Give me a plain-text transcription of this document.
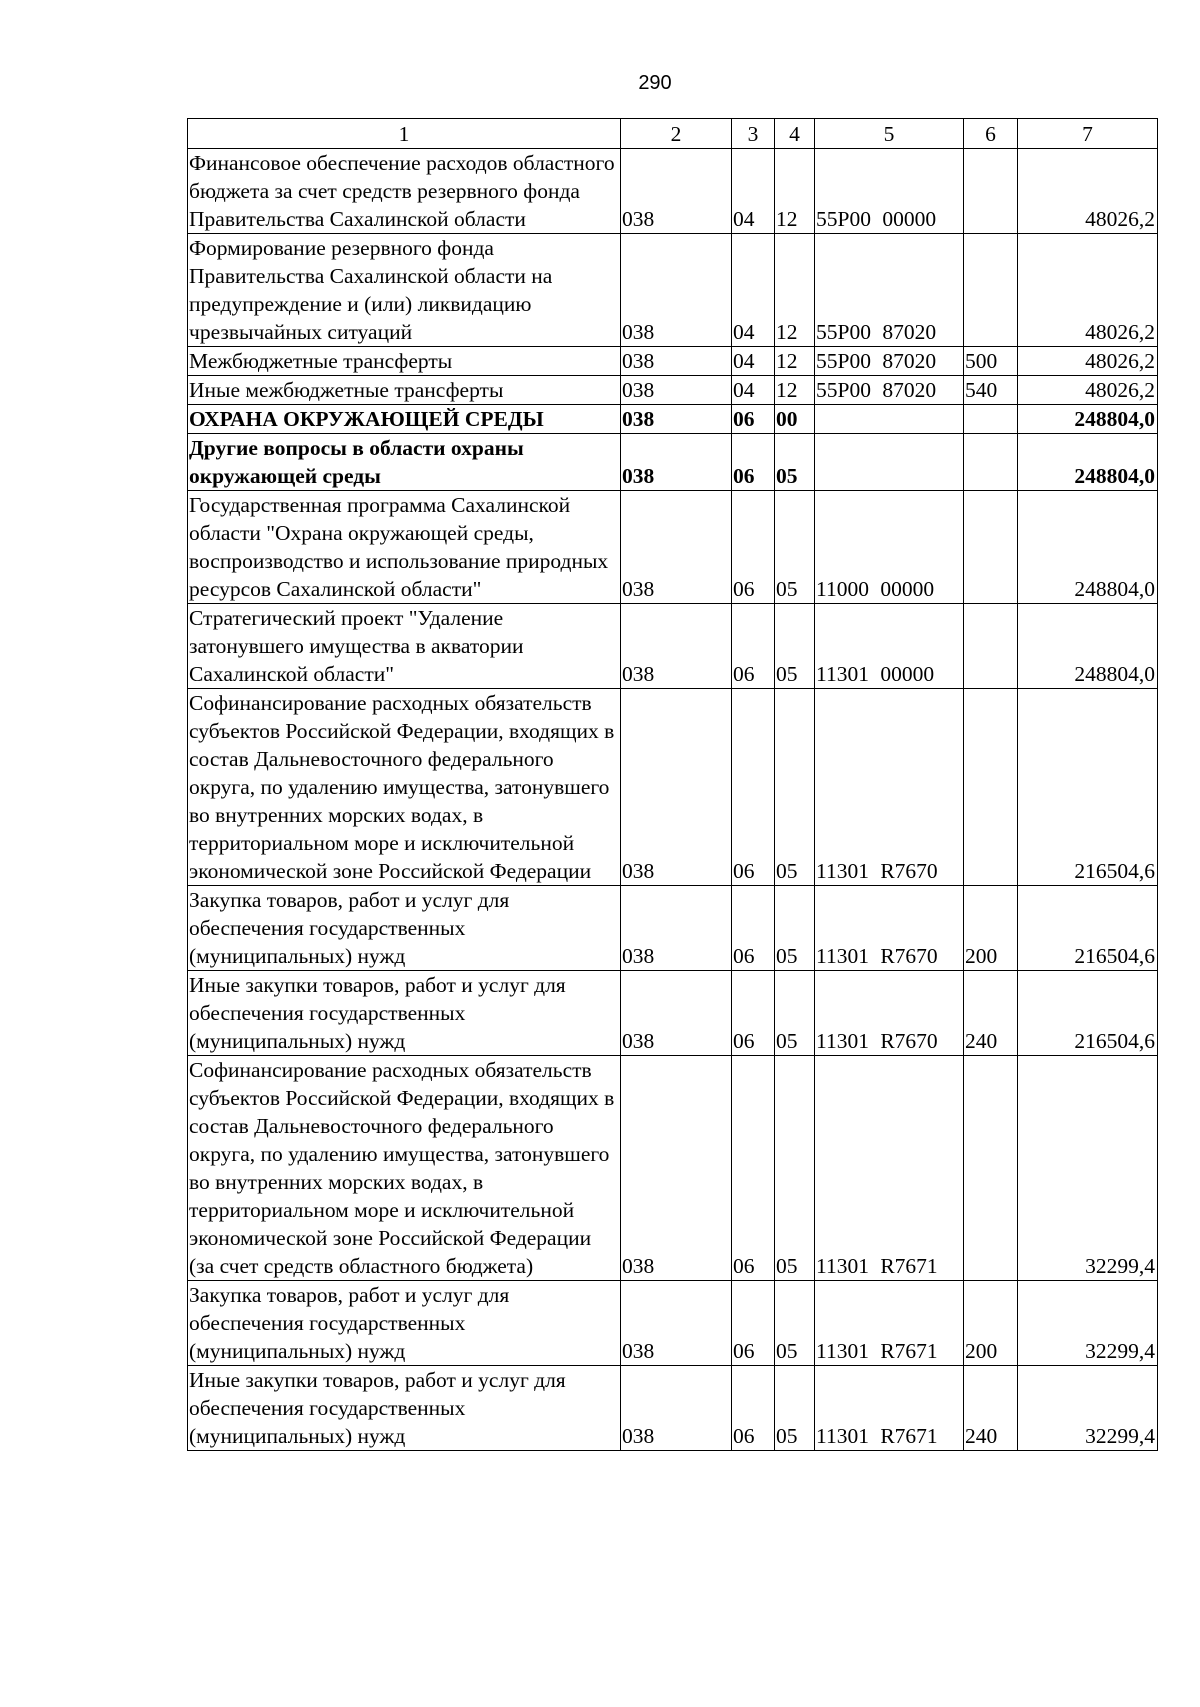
290
1	2	3	4	5	6	7
Финансовое обеспечение расходов областного бюджета за счет средств резервного фонда Правительства Сахалинской области	038	04	12	55Р00 00000		48026,2
Формирование резервного фонда Правительства Сахалинской области на предупреждение и (или) ликвидацию чрезвычайных ситуаций	038	04	12	55Р00 87020		48026,2
Межбюджетные трансферты	038	04	12	55Р00 87020	500	48026,2
Иные межбюджетные трансферты	038	04	12	55Р00 87020	540	48026,2
ОХРАНА ОКРУЖАЮЩЕЙ СРЕДЫ	038	06	00			248804,0
Другие вопросы в области охраны окружающей среды	038	06	05			248804,0
Государственная программа Сахалинской области "Охрана окружающей среды, воспроизводство и использование природных ресурсов Сахалинской области"	038	06	05	11000 00000		248804,0
Стратегический проект "Удаление затонувшего имущества в акватории Сахалинской области"	038	06	05	11301 00000		248804,0
Софинансирование расходных обязательств субъектов Российской Федерации, входящих в состав Дальневосточного федерального округа, по удалению имущества, затонувшего во внутренних морских водах, в территориальном море и исключительной экономической зоне Российской Федерации	038	06	05	11301 R7670		216504,6
Закупка товаров, работ и услуг для обеспечения государственных (муниципальных) нужд	038	06	05	11301 R7670	200	216504,6
Иные закупки товаров, работ и услуг для обеспечения государственных (муниципальных) нужд	038	06	05	11301 R7670	240	216504,6
Софинансирование расходных обязательств субъектов Российской Федерации, входящих в состав Дальневосточного федерального округа, по удалению имущества, затонувшего во внутренних морских водах, в территориальном море и исключительной экономической зоне Российской Федерации (за счет средств областного бюджета)	038	06	05	11301 R7671		32299,4
Закупка товаров, работ и услуг для обеспечения государственных (муниципальных) нужд	038	06	05	11301 R7671	200	32299,4
Иные закупки товаров, работ и услуг для обеспечения государственных (муниципальных) нужд	038	06	05	11301 R7671	240	32299,4
